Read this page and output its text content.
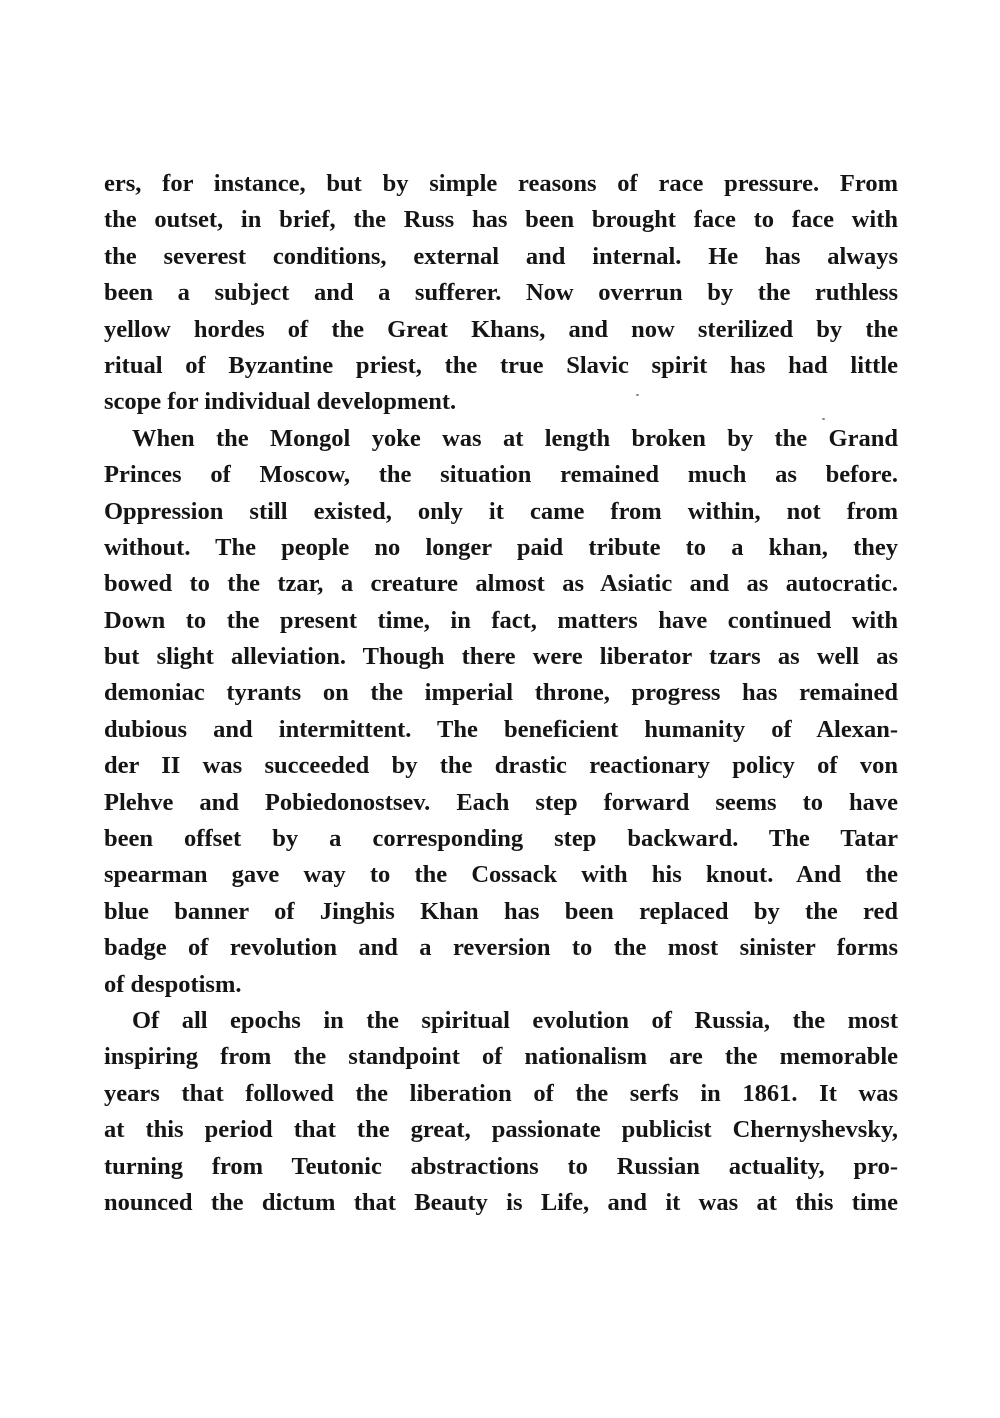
ers, for instance, but by simple reasons of race pressure. From
the outset, in brief, the Russ has been brought face to face with
the severest conditions, external and internal. He has always
been a subject and a sufferer. Now overrun by the ruthless
yellow hordes of the Great Khans, and now sterilized by the
ritual of Byzantine priest, the true Slavic spirit has had little
scope for individual development.
When the Mongol yoke was at length broken by the Grand
Princes of Moscow, the situation remained much as before.
Oppression still existed, only it came from within, not from
without. The people no longer paid tribute to a khan, they
bowed to the tzar, a creature almost as Asiatic and as autocratic.
Down to the present time, in fact, matters have continued with
but slight alleviation. Though there were liberator tzars as well as
demoniac tyrants on the imperial throne, progress has remained
dubious and intermittent. The beneficient humanity of Alexan-
der II was succeeded by the drastic reactionary policy of von
Plehve and Pobiedonostsev. Each step forward seems to have
been offset by a corresponding step backward. The Tatar
spearman gave way to the Cossack with his knout. And the
blue banner of Jinghis Khan has been replaced by the red
badge of revolution and a reversion to the most sinister forms
of despotism.
Of all epochs in the spiritual evolution of Russia, the most
inspiring from the standpoint of nationalism are the memorable
years that followed the liberation of the serfs in 1861. It was
at this period that the great, passionate publicist Chernyshevsky,
turning from Teutonic abstractions to Russian actuality, pro-
nounced the dictum that Beauty is Life, and it was at this time
